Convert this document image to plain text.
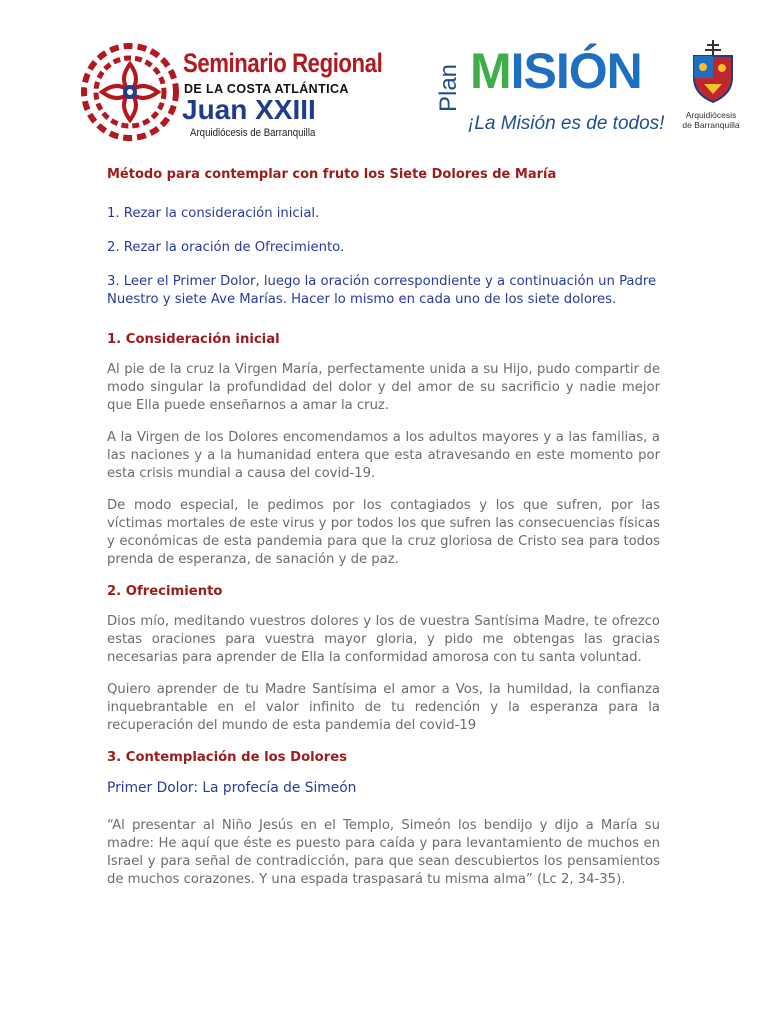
Seminario Regional
DE LA COSTA ATLÁNTICA
Juan XXIII
Arquidiócesis de Barranquilla
Plan MISIÓN
¡La Misión es de todos!	Arquidiócesis
de Barranquilla

Método para contemplar con fruto los Siete Dolores de María

1. Rezar la consideración inicial.

2. Rezar la oración de Ofrecimiento.

3. Leer el Primer Dolor, luego la oración correspondiente y a continuación un Padre Nuestro y siete Ave Marías. Hacer lo mismo en cada uno de los siete dolores.

1. Consideración inicial

Al pie de la cruz la Virgen María, perfectamente unida a su Hijo, pudo compartir de modo singular la profundidad del dolor y del amor de su sacrificio y nadie mejor que Ella puede enseñarnos a amar la cruz.

A la Virgen de los Dolores encomendamos a los adultos mayores y a las familias, a las naciones y a la humanidad entera que esta atravesando en este momento por esta crisis mundial a causa del covid-19.

De modo especial, le pedimos por los contagiados y los que sufren, por las víctimas mortales de este virus y por todos los que sufren las consecuencias físicas y económicas de esta pandemia para que la cruz gloriosa de Cristo sea para todos prenda de esperanza, de sanación y de paz.

2. Ofrecimiento

Dios mío, meditando vuestros dolores y los de vuestra Santísima Madre, te ofrezco estas oraciones para vuestra mayor gloria, y pido me obtengas las gracias necesarias para aprender de Ella la conformidad amorosa con tu santa voluntad.

Quiero aprender de tu Madre Santísima el amor a Vos, la humildad, la confianza inquebrantable en el valor infinito de tu redención y la esperanza para la recuperación del mundo de esta pandemia del covid-19

3. Contemplación de los Dolores

Primer Dolor: La profecía de Simeón

“Al presentar al Niño Jesús en el Templo, Simeón los bendijo y dijo a María su madre: He aquí que éste es puesto para caída y para levantamiento de muchos en Israel y para señal de contradicción, para que sean descubiertos los pensamientos de muchos corazones. Y una espada traspasará tu misma alma” (Lc 2, 34-35).
